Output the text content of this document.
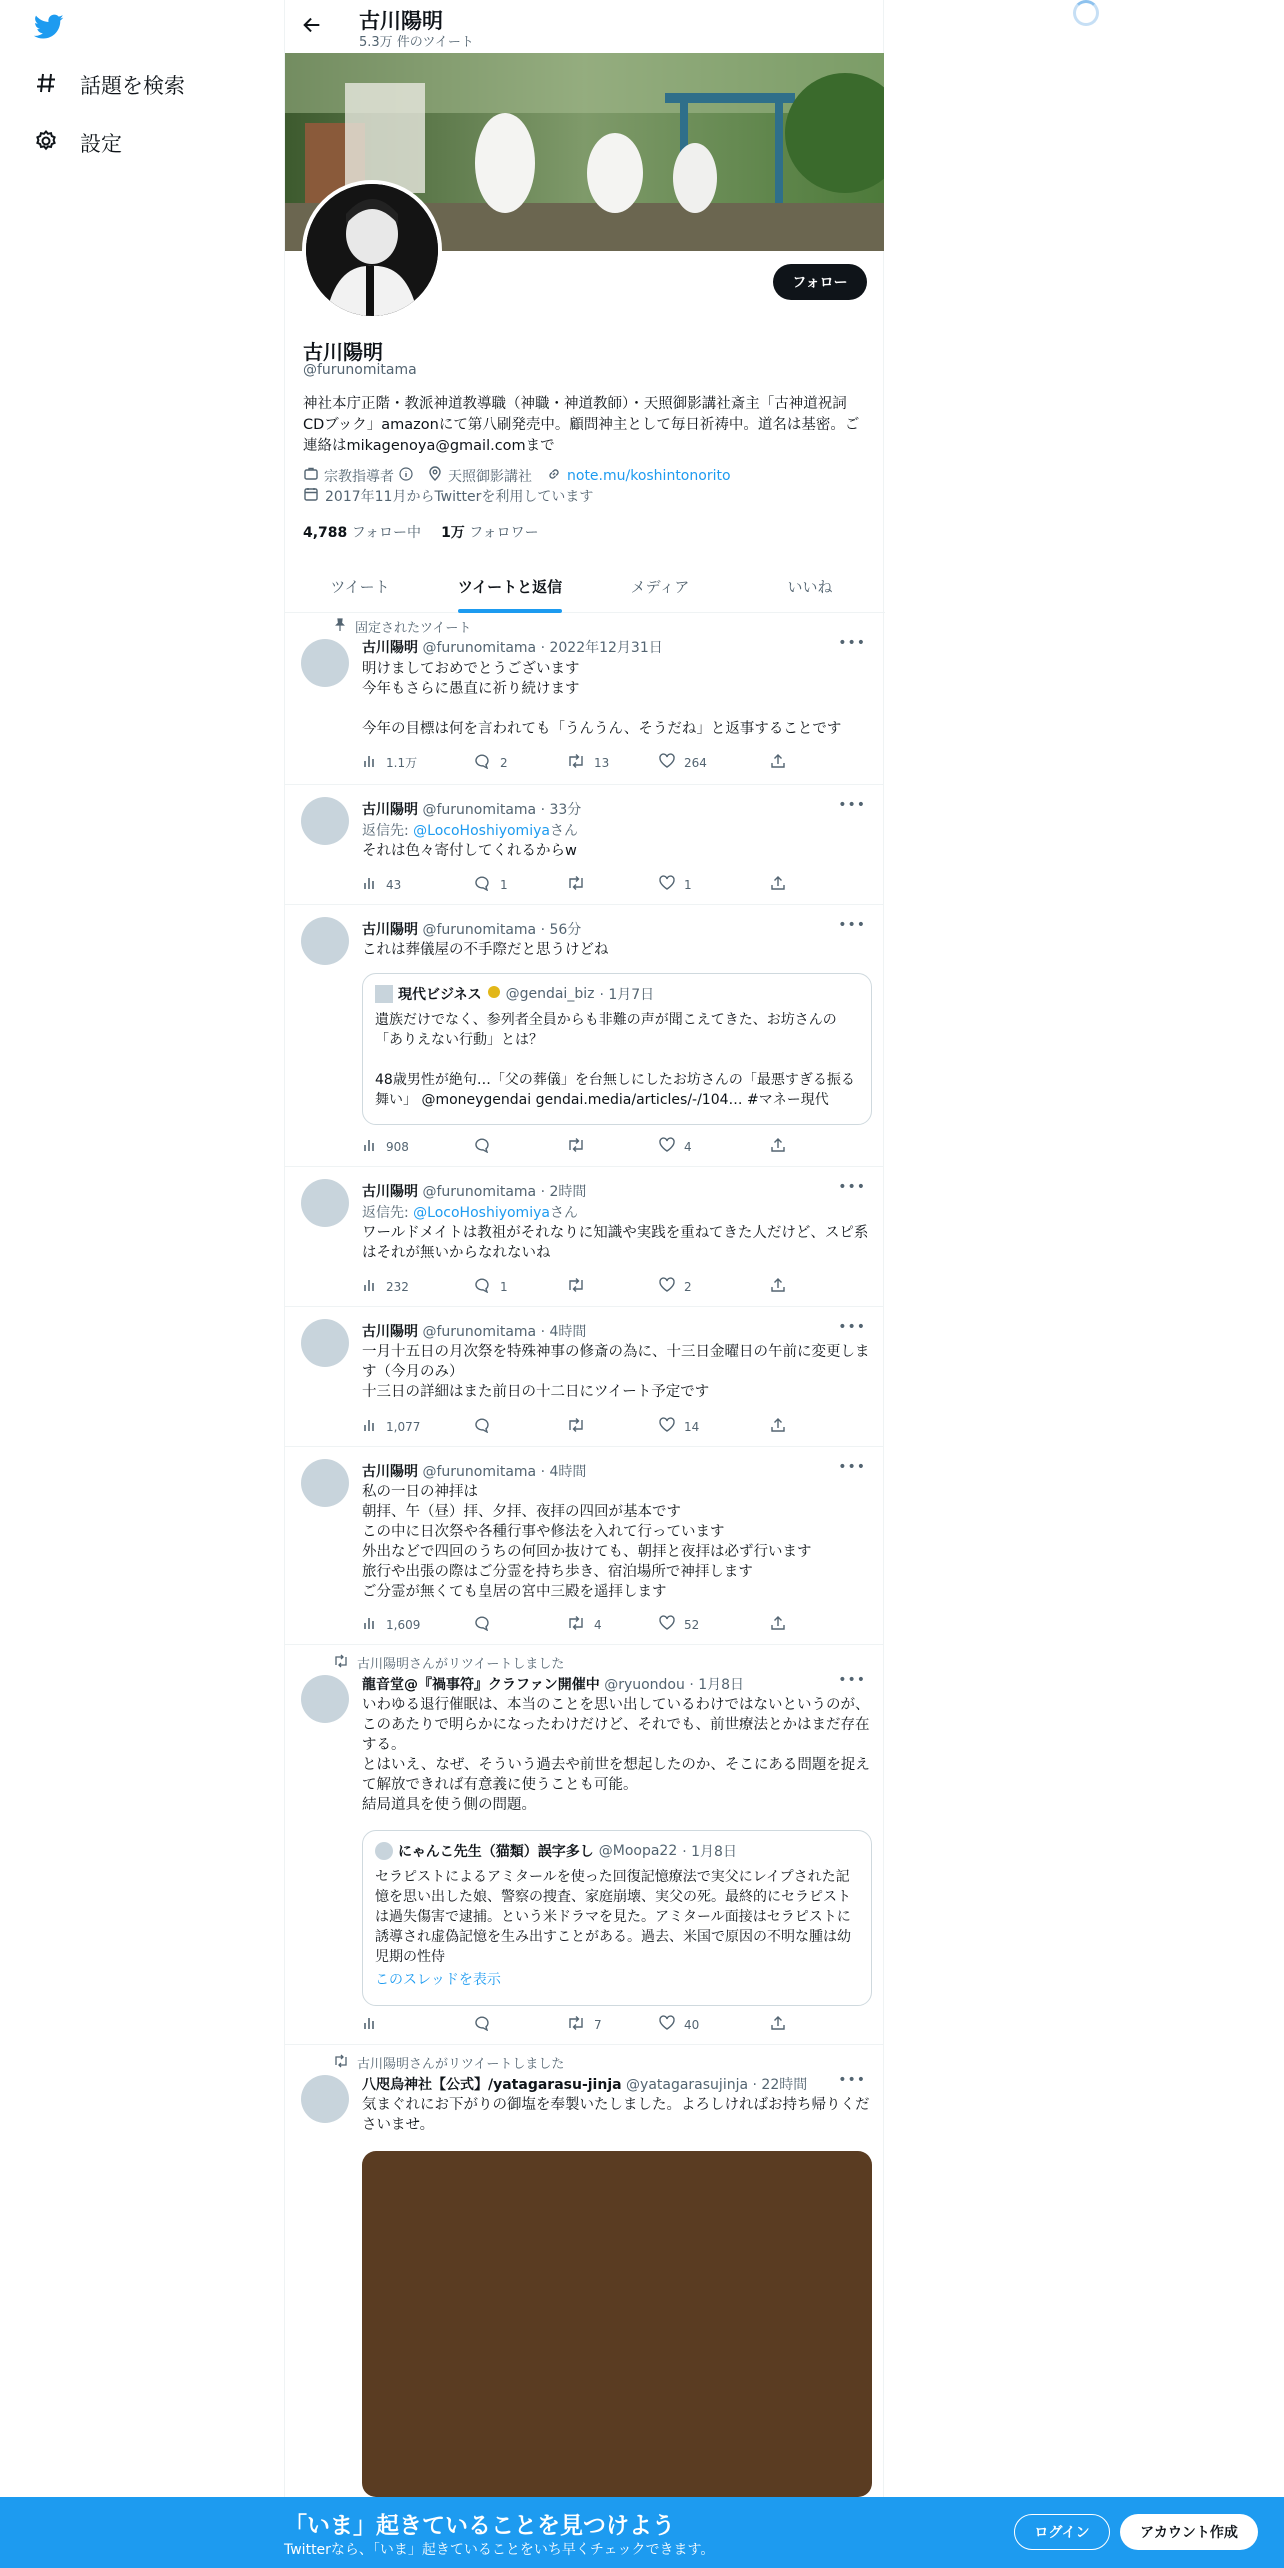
話題を検索
設定
古川陽明
5.3万 件のツイート
フォロー
古川陽明
@furunomitama
神社本庁正階・教派神道教導職（神職・神道教師）・天照御影講社斎主「古神道祝詞CDブック」amazonにて第八刷発売中。顧問神主として毎日祈祷中。道名は基密。ご連絡はmikagenoya@gmail.comまで
宗教指導者	天照御影講社	note.mu/koshintonorito
2017年11月からTwitterを利用しています
4,788 フォロー中 1万 フォロワー
ツイート	ツイートと返信	メディア	いいね
固定されたツイート
古川陽明 @furunomitama · 2022年12月31日	•••
明けましておめでとうございます
今年もさらに愚直に祈り続けます

今年の目標は何を言われても「うんうん、そうだね」と返事することです
1.1万	2	13	264
古川陽明 @furunomitama · 33分	•••
返信先: @LocoHoshiyomiyaさん
それは色々寄付してくれるからw
43	1	1
古川陽明 @furunomitama · 56分	•••
これは葬儀屋の不手際だと思うけどね
現代ビジネス @gendai_biz · 1月7日
遺族だけでなく、参列者全員からも非難の声が聞こえてきた、お坊さんの「ありえない行動」とは？

48歳男性が絶句…「父の葬儀」を台無しにしたお坊さんの「最悪すぎる振る舞い」 @moneygendai gendai.media/articles/-/104… #マネー現代
908	4
古川陽明 @furunomitama · 2時間	•••
返信先: @LocoHoshiyomiyaさん
ワールドメイトは教祖がそれなりに知識や実践を重ねてきた人だけど、スピ系はそれが無いからなれないね
232	1	2
古川陽明 @furunomitama · 4時間	•••
一月十五日の月次祭を特殊神事の修斎の為に、十三日金曜日の午前に変更します（今月のみ）
十三日の詳細はまた前日の十二日にツイート予定です
1,077	14
古川陽明 @furunomitama · 4時間	•••
私の一日の神拝は
朝拝、午（昼）拝、夕拝、夜拝の四回が基本です
この中に日次祭や各種行事や修法を入れて行っています
外出などで四回のうちの何回か抜けても、朝拝と夜拝は必ず行います
旅行や出張の際はご分霊を持ち歩き、宿泊場所で神拝します
ご分霊が無くても皇居の宮中三殿を遥拝します
1,609	4	52
古川陽明さんがリツイートしました
龍音堂@『禍事符』クラファン開催中 @ryuondou · 1月8日	•••
いわゆる退行催眠は、本当のことを思い出しているわけではないというのが、このあたりで明らかになったわけだけど、それでも、前世療法とかはまだ存在する。
とはいえ、なぜ、そういう過去や前世を想起したのか、そこにある問題を捉えて解放できれば有意義に使うことも可能。
結局道具を使う側の問題。
にゃんこ先生（猫類）誤字多し @Moopa22 · 1月8日
セラピストによるアミタールを使った回復記憶療法で実父にレイプされた記憶を思い出した娘、警察の捜査、家庭崩壊、実父の死。最終的にセラピストは過失傷害で逮捕。という米ドラマを見た。アミタール面接はセラピストに誘導され虚偽記憶を生み出すことがある。過去、米国で原因の不明な腫は幼児期の性侍
このスレッドを表示
7	40
古川陽明さんがリツイートしました
八咫烏神社【公式】/yatagarasu-jinja @yatagarasujinja · 22時間 •••
気まぐれにお下がりの御塩を奉製いたしました。よろしければお持ち帰りくださいませ。
「いま」起きていることを見つけよう
Twitterなら、「いま」起きていることをいち早くチェックできます。
ログイン	アカウント作成
